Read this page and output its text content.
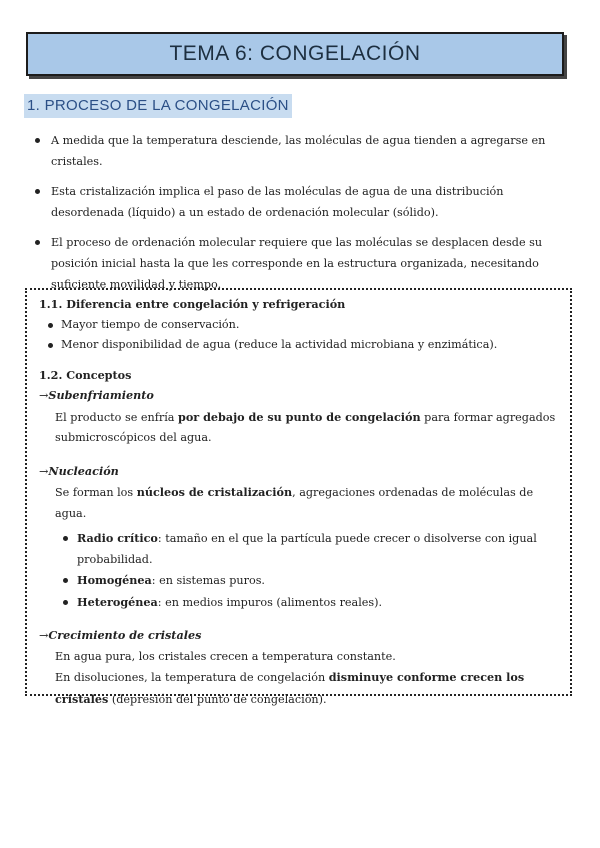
TEMA 6: CONGELACIÓN
1. PROCESO DE LA CONGELACIÓN
A medida que la temperatura desciende, las moléculas de agua tienden a agregarse en cristales.
Esta cristalización implica el paso de las moléculas de agua de una distribución desordenada (líquido) a un estado de ordenación molecular (sólido).
El proceso de ordenación molecular requiere que las moléculas se desplacen desde su posición inicial hasta la que les corresponde en la estructura organizada, necesitando suficiente movilidad y tiempo.
1.1. Diferencia entre congelación y refrigeración
Mayor tiempo de conservación.
Menor disponibilidad de agua (reduce la actividad microbiana y enzimática).
1.2. Conceptos
→Subenfriamiento
El producto se enfría por debajo de su punto de congelación para formar agregados submicroscópicos del agua.
→Nucleación
Se forman los núcleos de cristalización, agregaciones ordenadas de moléculas de agua.
Radio crítico: tamaño en el que la partícula puede crecer o disolverse con igual probabilidad.
Homogénea: en sistemas puros.
Heterogénea: en medios impuros (alimentos reales).
→Crecimiento de cristales
En agua pura, los cristales crecen a temperatura constante.
En disoluciones, la temperatura de congelación disminuye conforme crecen los cristales (depresión del punto de congelación).
